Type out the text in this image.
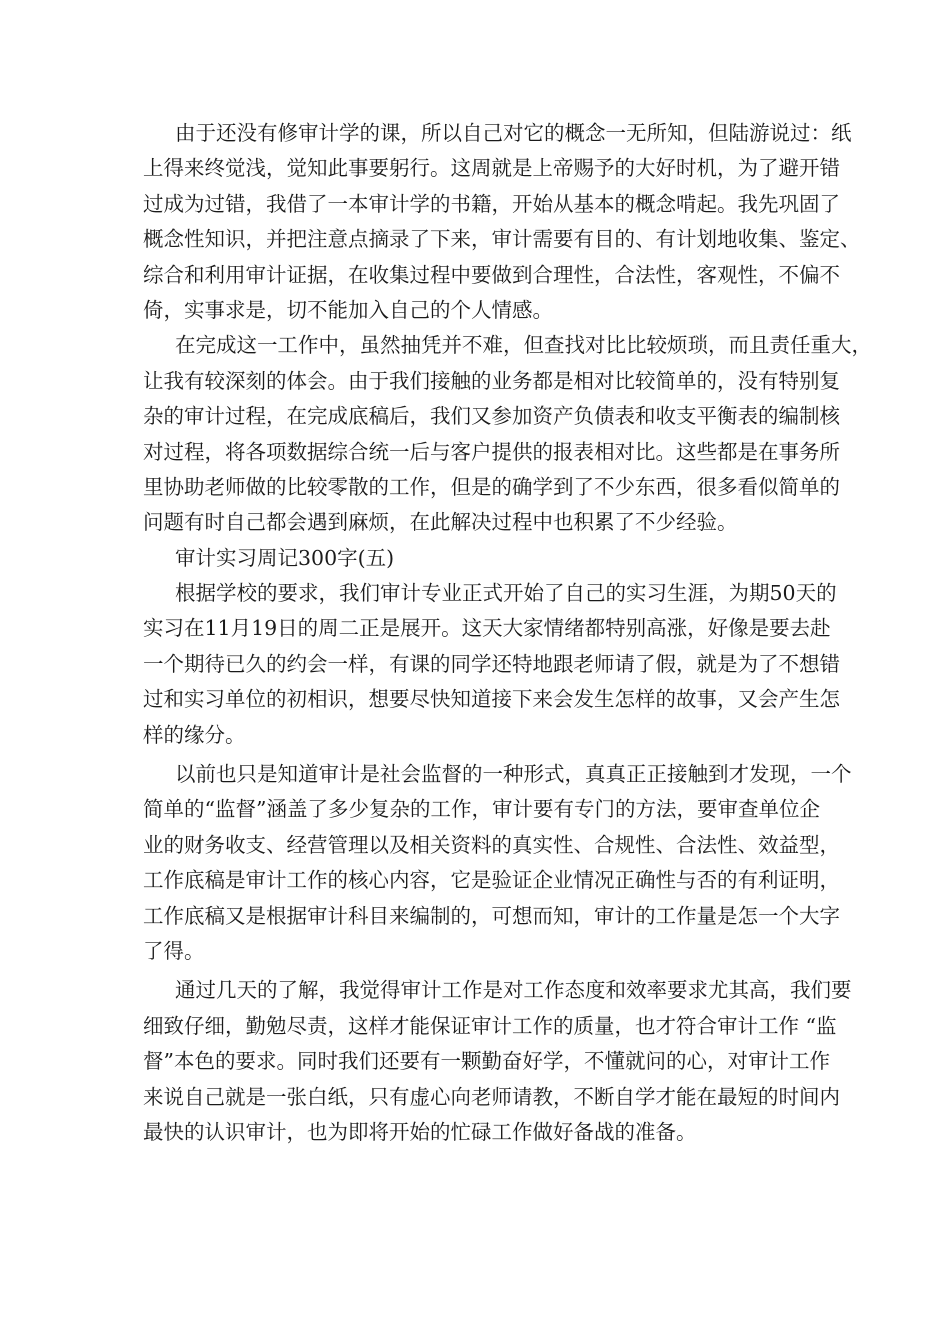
由于还没有修审计学的课，所以自己对它的概念一无所知，但陆游说过：纸
上得来终觉浅，觉知此事要躬行。这周就是上帝赐予的大好时机，为了避开错
过成为过错，我借了一本审计学的书籍，开始从基本的概念啃起。我先巩固了
概念性知识，并把注意点摘录了下来，审计需要有目的、有计划地收集、鉴定、
综合和利用审计证据，在收集过程中要做到合理性，合法性，客观性，不偏不
倚，实事求是，切不能加入自己的个人情感。
在完成这一工作中，虽然抽凭并不难，但查找对比比较烦琐，而且责任重大，
让我有较深刻的体会。由于我们接触的业务都是相对比较简单的，没有特别复
杂的审计过程，在完成底稿后，我们又参加资产负债表和收支平衡表的编制核
对过程，将各项数据综合统一后与客户提供的报表相对比。这些都是在事务所
里协助老师做的比较零散的工作，但是的确学到了不少东西，很多看似简单的
问题有时自己都会遇到麻烦，在此解决过程中也积累了不少经验。
审计实习周记300字(五)
根据学校的要求，我们审计专业正式开始了自己的实习生涯，为期50天的
实习在11月19日的周二正是展开。这天大家情绪都特别高涨，好像是要去赴
一个期待已久的约会一样，有课的同学还特地跟老师请了假，就是为了不想错
过和实习单位的初相识，想要尽快知道接下来会发生怎样的故事，又会产生怎
样的缘分。
以前也只是知道审计是社会监督的一种形式，真真正正接触到才发现，一个
简单的“监督”涵盖了多少复杂的工作，审计要有专门的方法，要审查单位企
业的财务收支、经营管理以及相关资料的真实性、合规性、合法性、效益型，
工作底稿是审计工作的核心内容，它是验证企业情况正确性与否的有利证明，
工作底稿又是根据审计科目来编制的，可想而知，审计的工作量是怎一个大字
了得。
通过几天的了解，我觉得审计工作是对工作态度和效率要求尤其高，我们要
细致仔细，勤勉尽责，这样才能保证审计工作的质量，也才符合审计工作 “监
督”本色的要求。同时我们还要有一颗勤奋好学，不懂就问的心，对审计工作
来说自己就是一张白纸，只有虚心向老师请教，不断自学才能在最短的时间内
最快的认识审计，也为即将开始的忙碌工作做好备战的准备。
